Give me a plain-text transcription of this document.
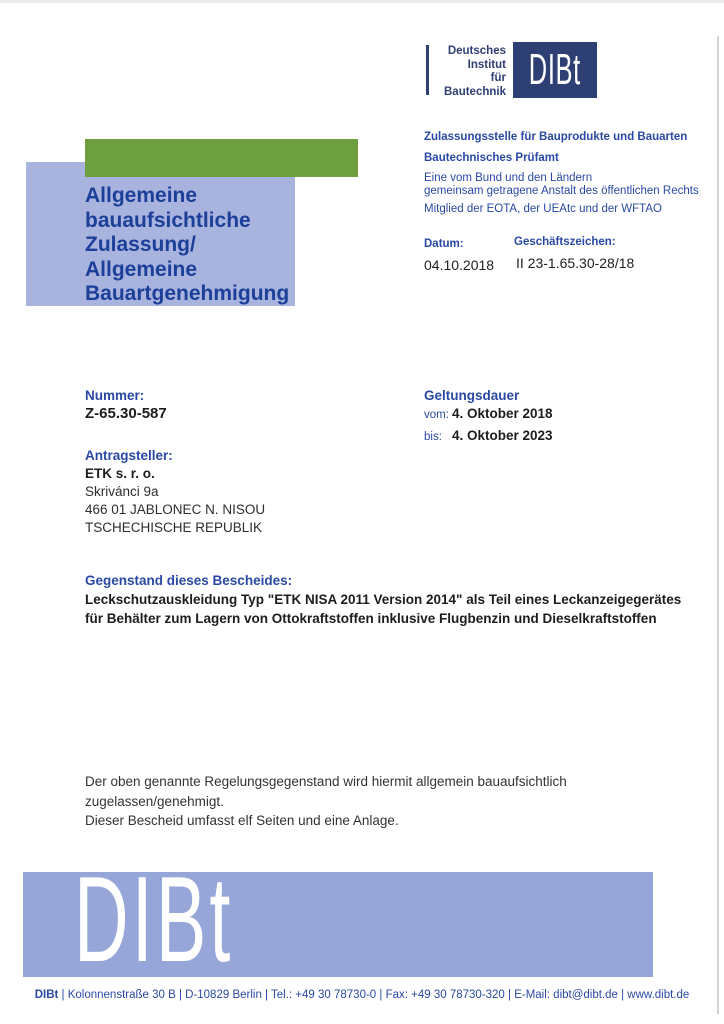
Deutsches
Institut
für
Bautechnik DIBt
Allgemeine
bauaufsichtliche
Zulassung/
Allgemeine
Bauartgenehmigung
Zulassungsstelle für Bauprodukte und Bauarten
Bautechnisches Prüfamt
Eine vom Bund und den Ländern
gemeinsam getragene Anstalt des öffentlichen Rechts
Mitglied der EOTA, der UEAtc und der WFTAO
Datum:
04.10.2018
Geschäftszeichen:
II 23-1.65.30-28/18
Nummer:
Z-65.30-587
Geltungsdauer
vom: 4. Oktober 2018
bis: 4. Oktober 2023
Antragsteller:
ETK s. r. o.
Skrivánci 9a
466 01 JABLONEC N. NISOU
TSCHECHISCHE REPUBLIK
Gegenstand dieses Bescheides:
Leckschutzauskleidung Typ "ETK NISA 2011 Version 2014" als Teil eines Leckanzeigegerätes
für Behälter zum Lagern von Ottokraftstoffen inklusive Flugbenzin und Dieselkraftstoffen
Der oben genannte Regelungsgegenstand wird hiermit allgemein bauaufsichtlich
zugelassen/genehmigt.
Dieser Bescheid umfasst elf Seiten und eine Anlage.
DIBt
DIBt | Kolonnenstraße 30 B | D-10829 Berlin | Tel.: +49 30 78730-0 | Fax: +49 30 78730-320 | E-Mail: dibt@dibt.de | www.dibt.de
